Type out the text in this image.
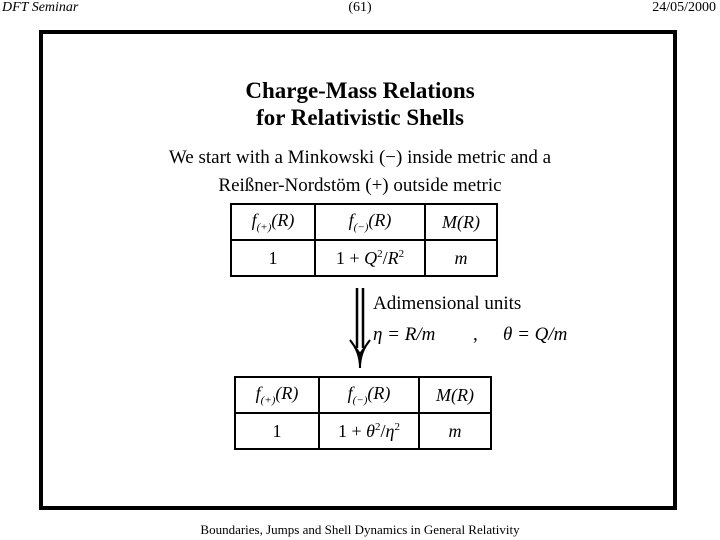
DFT Seminar	(61)	24/05/2000
Charge-Mass Relations
for Relativistic Shells
We start with a Minkowski (−) inside metric and a
Reißner-Nordstöm (+) outside metric
$f_{(+)}(R)$	$f_{(-)}(R)$	M(R)
1	$1 + Q^2/R^2$	m
Adimensional units
η = R/m , θ = Q/m
$f_{(+)}(R)$	$f_{(-)}(R)$	M(R)
1	$1 + \theta^2/\eta^2$	m
Boundaries, Jumps and Shell Dynamics in General Relativity
